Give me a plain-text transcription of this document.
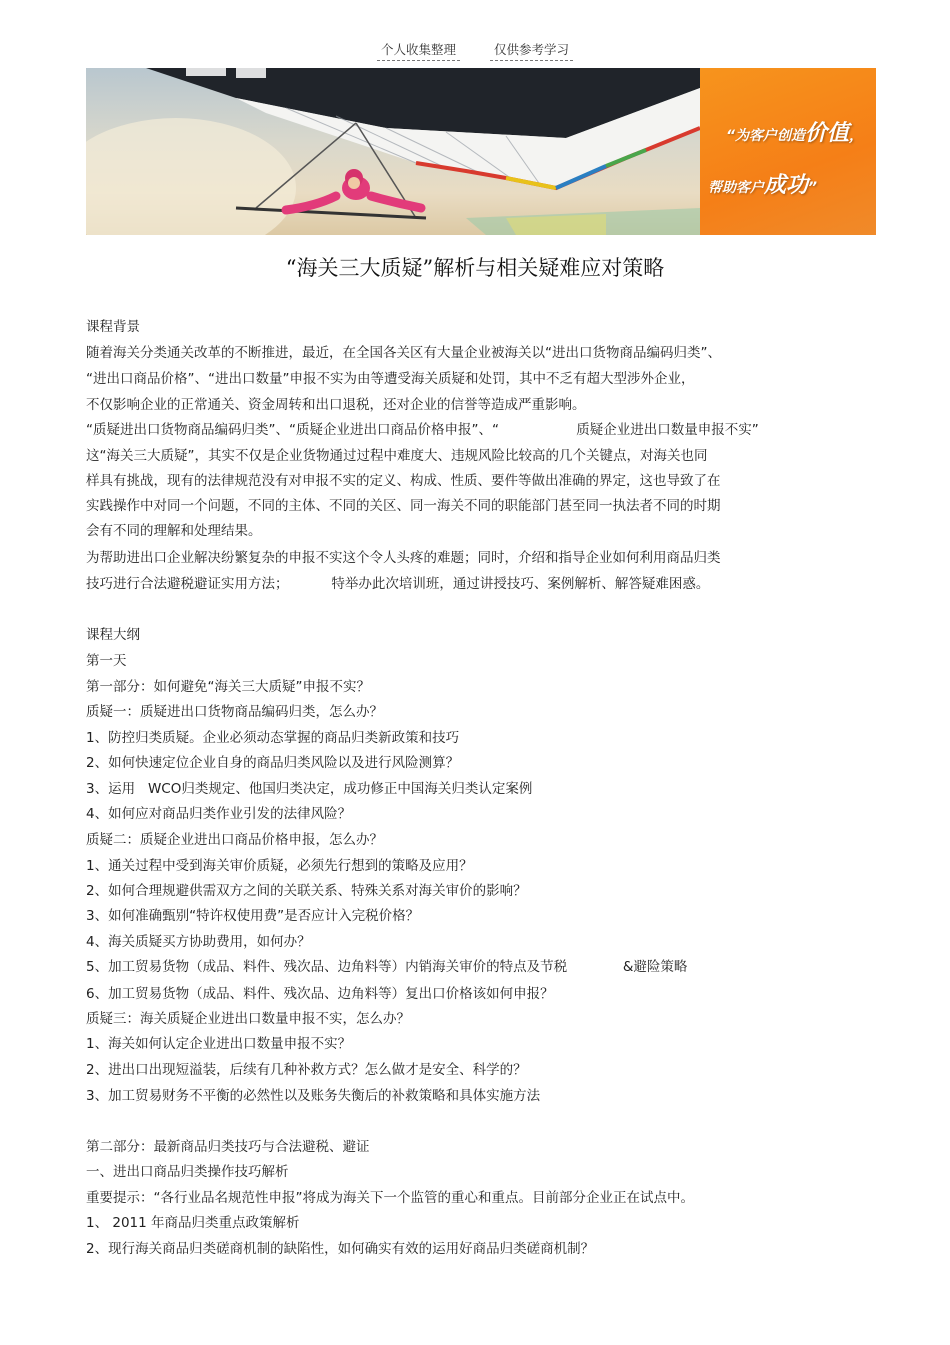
个人收集整理	仅供参考学习
“为客户创造价值，
帮助客户成功”
“海关三大质疑”解析与相关疑难应对策略
课程背景
随着海关分类通关改革的不断推进，最近，在全国各关区有大量企业被海关以“进出口货物商品编码归类”、
“进出口商品价格”、“进出口数量”申报不实为由等遭受海关质疑和处罚，其中不乏有超大型涉外企业，
不仅影响企业的正常通关、资金周转和出口退税，还对企业的信誉等造成严重影响。
“质疑进出口货物商品编码归类”、“质疑企业进出口商品价格申报”、“                  质疑企业进出口数量申报不实”
这“海关三大质疑”，其实不仅是企业货物通过过程中难度大、违规风险比较高的几个关键点，对海关也同
样具有挑战，现有的法律规范没有对申报不实的定义、构成、性质、要件等做出准确的界定，这也导致了在
实践操作中对同一个问题，不同的主体、不同的关区、同一海关不同的职能部门甚至同一执法者不同的时期
会有不同的理解和处理结果。
为帮助进出口企业解决纷繁复杂的申报不实这个令人头疼的难题；同时，介绍和指导企业如何利用商品归类
技巧进行合法避税避证实用方法；          特举办此次培训班，通过讲授技巧、案例解析、解答疑难困惑。
课程大纲
第一天
第一部分：如何避免“海关三大质疑”申报不实？
质疑一：质疑进出口货物商品编码归类，怎么办？
1、防控归类质疑。企业必须动态掌握的商品归类新政策和技巧
2、如何快速定位企业自身的商品归类风险以及进行风险测算？
3、运用   WCO归类规定、他国归类决定，成功修正中国海关归类认定案例
4、如何应对商品归类作业引发的法律风险？
质疑二：质疑企业进出口商品价格申报，怎么办？
1、通关过程中受到海关审价质疑，必须先行想到的策略及应用？
2、如何合理规避供需双方之间的关联关系、特殊关系对海关审价的影响？
3、如何准确甄别“特许权使用费”是否应计入完税价格？
4、海关质疑买方协助费用，如何办？
5、加工贸易货物（成品、料件、残次品、边角料等）内销海关审价的特点及节税             &避险策略
6、加工贸易货物（成品、料件、残次品、边角料等）复出口价格该如何申报？
质疑三：海关质疑企业进出口数量申报不实，怎么办？
1、海关如何认定企业进出口数量申报不实？
2、进出口出现短溢装，后续有几种补救方式？怎么做才是安全、科学的？
3、加工贸易财务不平衡的必然性以及账务失衡后的补救策略和具体实施方法
第二部分：最新商品归类技巧与合法避税、避证
一、进出口商品归类操作技巧解析
重要提示：“各行业品名规范性申报”将成为海关下一个监管的重心和重点。目前部分企业正在试点中。
1、 2011 年商品归类重点政策解析
2、现行海关商品归类磋商机制的缺陷性，如何确实有效的运用好商品归类磋商机制？
